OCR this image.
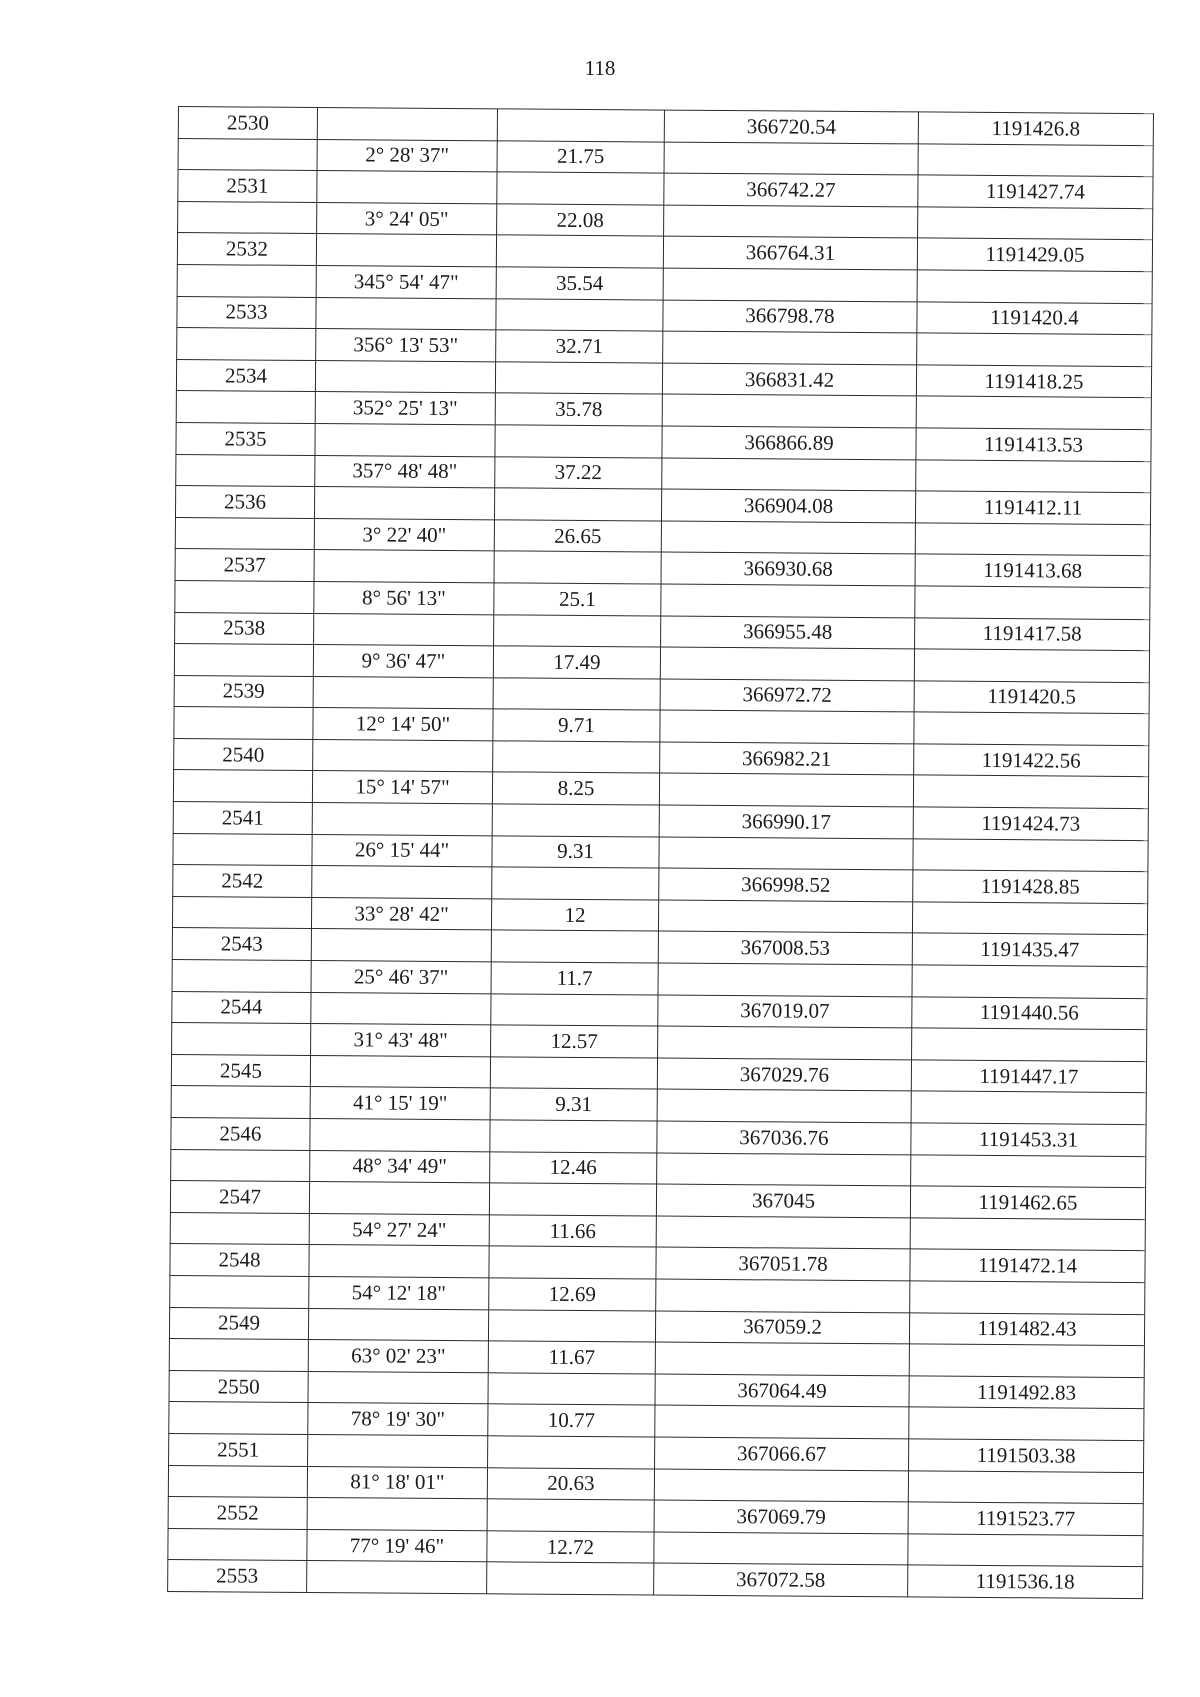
118
2530			366720.54	1191426.8
	2° 28' 37"	21.75		
2531			366742.27	1191427.74
	3° 24' 05"	22.08		
2532			366764.31	1191429.05
	345° 54' 47"	35.54		
2533			366798.78	1191420.4
	356° 13' 53"	32.71		
2534			366831.42	1191418.25
	352° 25' 13"	35.78		
2535			366866.89	1191413.53
	357° 48' 48"	37.22		
2536			366904.08	1191412.11
	3° 22' 40"	26.65		
2537			366930.68	1191413.68
	8° 56' 13"	25.1		
2538			366955.48	1191417.58
	9° 36' 47"	17.49		
2539			366972.72	1191420.5
	12° 14' 50"	9.71		
2540			366982.21	1191422.56
	15° 14' 57"	8.25		
2541			366990.17	1191424.73
	26° 15' 44"	9.31		
2542			366998.52	1191428.85
	33° 28' 42"	12		
2543			367008.53	1191435.47
	25° 46' 37"	11.7		
2544			367019.07	1191440.56
	31° 43' 48"	12.57		
2545			367029.76	1191447.17
	41° 15' 19"	9.31		
2546			367036.76	1191453.31
	48° 34' 49"	12.46		
2547			367045	1191462.65
	54° 27' 24"	11.66		
2548			367051.78	1191472.14
	54° 12' 18"	12.69		
2549			367059.2	1191482.43
	63° 02' 23"	11.67		
2550			367064.49	1191492.83
	78° 19' 30"	10.77		
2551			367066.67	1191503.38
	81° 18' 01"	20.63		
2552			367069.79	1191523.77
	77° 19' 46"	12.72		
2553			367072.58	1191536.18
